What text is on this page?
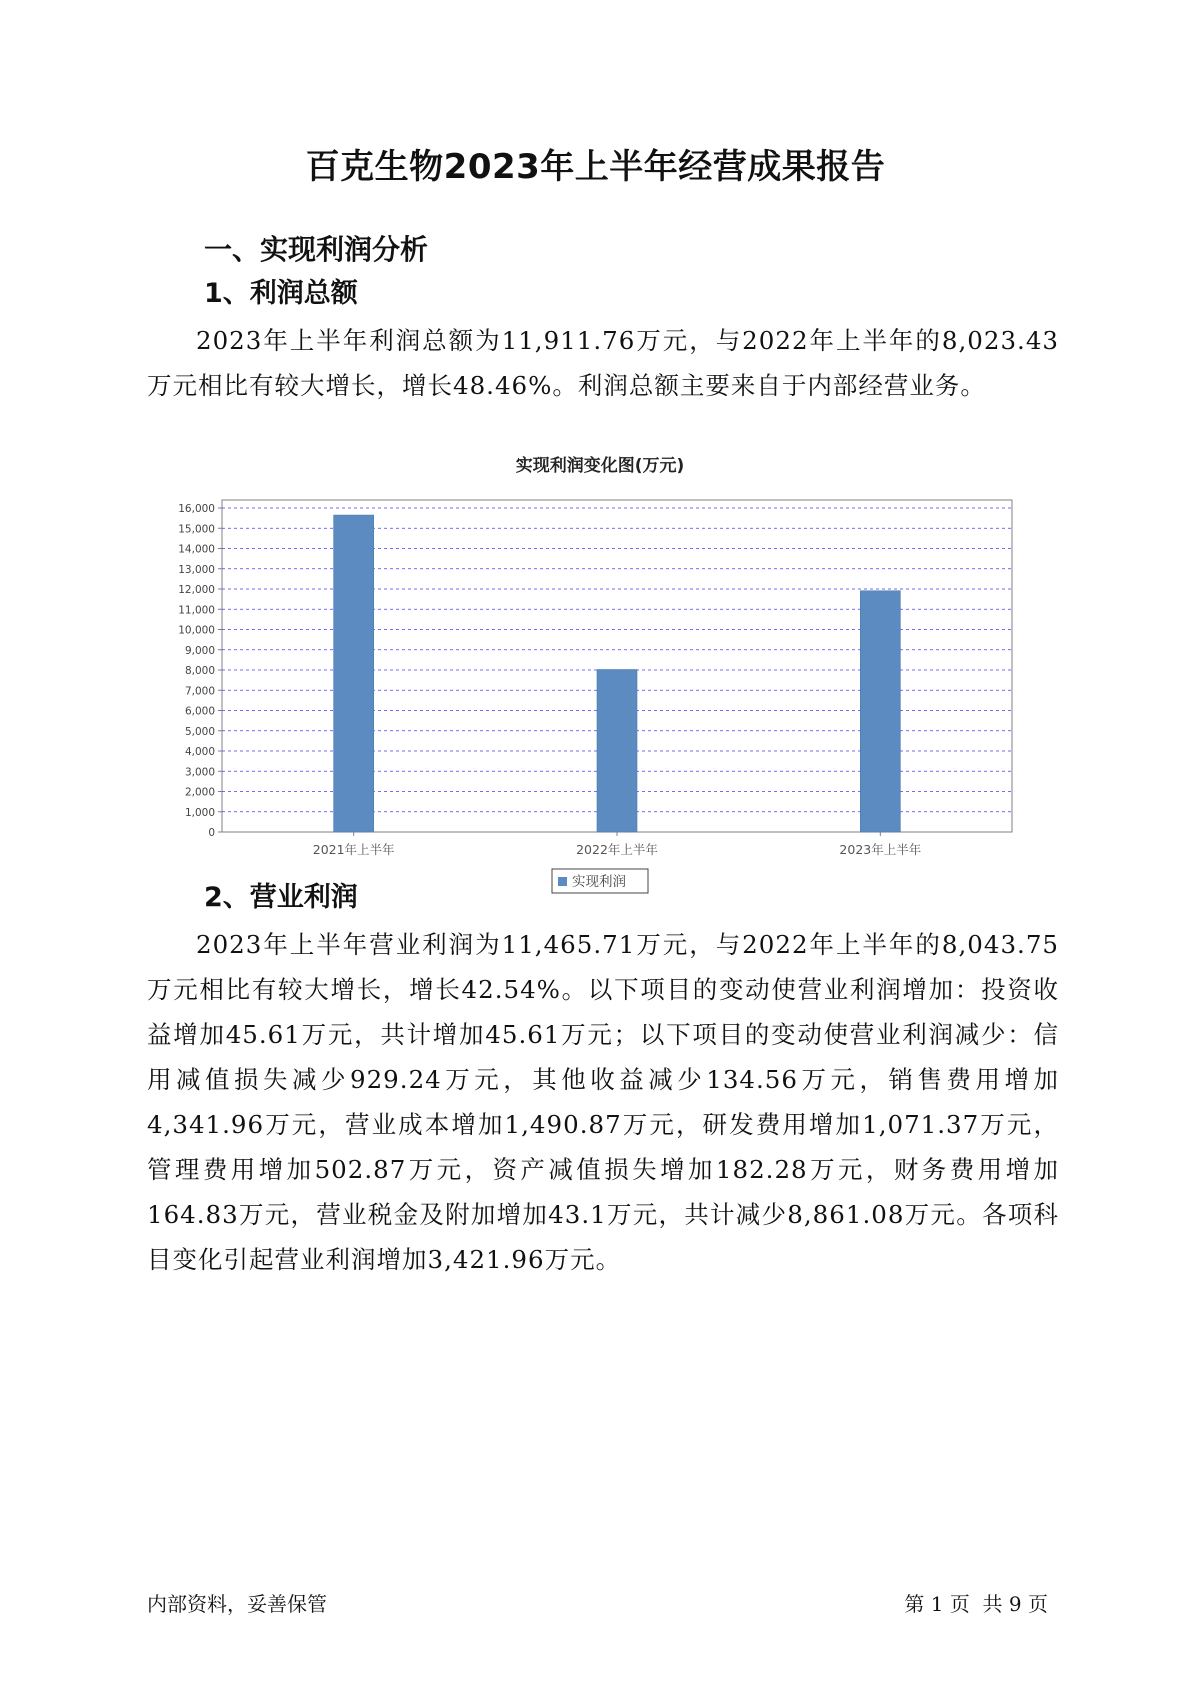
百克生物2023年上半年经营成果报告
一、实现利润分析
1、利润总额

2023年上半年利润总额为11,911.76万元，与2022年上半年的8,023.43万元相比有较大增长，增长48.46%。利润总额主要来自于内部经营业务。

实现利润变化图(万元)
0
1,000
2,000
3,000
4,000
5,000
6,000
7,000
8,000
9,000
10,000
11,000
12,000
13,000
14,000
15,000
16,000
2021年上半年	2022年上半年	2023年上半年
实现利润
2、营业利润

2023年上半年营业利润为11,465.71万元，与2022年上半年的8,043.75万元相比有较大增长，增长42.54%。以下项目的变动使营业利润增加：投资收益增加45.61万元，共计增加45.61万元；以下项目的变动使营业利润减少：信用减值损失减少929.24万元，其他收益减少134.56万元，销售费用增加4,341.96万元，营业成本增加1,490.87万元，研发费用增加1,071.37万元，管理费用增加502.87万元，资产减值损失增加182.28万元，财务费用增加164.83万元，营业税金及附加增加43.1万元，共计减少8,861.08万元。各项科目变化引起营业利润增加3,421.96万元。

内部资料，妥善保管	第 1 页  共 9 页
